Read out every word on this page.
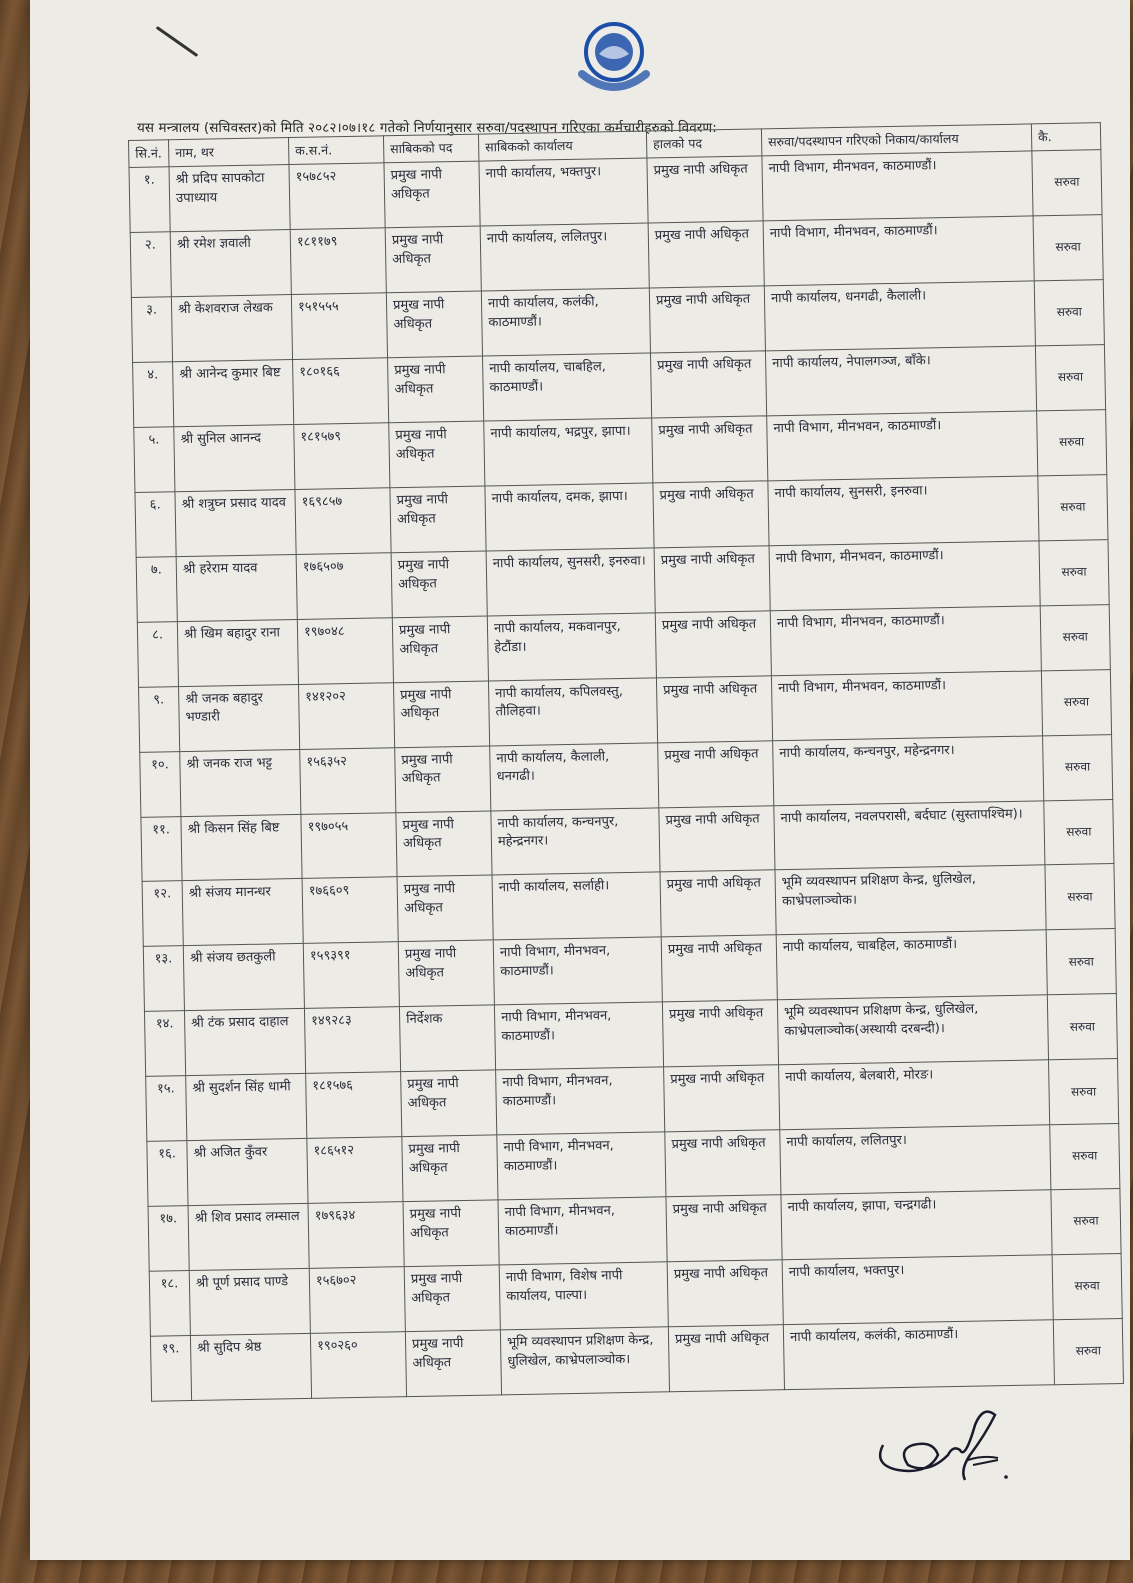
यस मन्त्रालय (सचिवस्तर)को मिति २०८२।०७।१८ गतेको निर्णयानुसार सरुवा/पदस्थापन गरिएका कर्मचारीहरुको विवरण:
सि.नं.	नाम, थर	क.स.नं.	साबिकको पद	साबिकको कार्यालय	हालको पद	सरुवा/पदस्थापन गरिएको निकाय/कार्यालय	कै.
१.	श्री प्रदिप सापकोटा उपाध्याय	१५७८५२	प्रमुख नापी अधिकृत	नापी कार्यालय, भक्तपुर।	प्रमुख नापी अधिकृत	नापी विभाग, मीनभवन, काठमाण्डौं।	सरुवा
२.	श्री रमेश ज्ञवाली	१८११७९	प्रमुख नापी अधिकृत	नापी कार्यालय, ललितपुर।	प्रमुख नापी अधिकृत	नापी विभाग, मीनभवन, काठमाण्डौं।	सरुवा
३.	श्री केशवराज लेखक	१५१५५५	प्रमुख नापी अधिकृत	नापी कार्यालय, कलंकी, काठमाण्डौं।	प्रमुख नापी अधिकृत	नापी कार्यालय, धनगढी, कैलाली।	सरुवा
४.	श्री आनेन्द कुमार बिष्ट	१८०१६६	प्रमुख नापी अधिकृत	नापी कार्यालय, चाबहिल, काठमाण्डौं।	प्रमुख नापी अधिकृत	नापी कार्यालय, नेपालगञ्ज, बाँके।	सरुवा
५.	श्री सुनिल आनन्द	१८१५७९	प्रमुख नापी अधिकृत	नापी कार्यालय, भद्रपुर, झापा।	प्रमुख नापी अधिकृत	नापी विभाग, मीनभवन, काठमाण्डौं।	सरुवा
६.	श्री शत्रुघ्न प्रसाद यादव	१६९८५७	प्रमुख नापी अधिकृत	नापी कार्यालय, दमक, झापा।	प्रमुख नापी अधिकृत	नापी कार्यालय, सुनसरी, इनरुवा।	सरुवा
७.	श्री हरेराम यादव	१७६५०७	प्रमुख नापी अधिकृत	नापी कार्यालय, सुनसरी, इनरुवा।	प्रमुख नापी अधिकृत	नापी विभाग, मीनभवन, काठमाण्डौं।	सरुवा
८.	श्री खिम बहादुर राना	१९७०४८	प्रमुख नापी अधिकृत	नापी कार्यालय, मकवानपुर, हेटौंडा।	प्रमुख नापी अधिकृत	नापी विभाग, मीनभवन, काठमाण्डौं।	सरुवा
९.	श्री जनक बहादुर भण्डारी	१४१२०२	प्रमुख नापी अधिकृत	नापी कार्यालय, कपिलवस्तु, तौलिहवा।	प्रमुख नापी अधिकृत	नापी विभाग, मीनभवन, काठमाण्डौं।	सरुवा
१०.	श्री जनक राज भट्ट	१५६३५२	प्रमुख नापी अधिकृत	नापी कार्यालय, कैलाली, धनगढी।	प्रमुख नापी अधिकृत	नापी कार्यालय, कन्चनपुर, महेन्द्रनगर।	सरुवा
११.	श्री किसन सिंह बिष्ट	१९७०५५	प्रमुख नापी अधिकृत	नापी कार्यालय, कन्चनपुर, महेन्द्रनगर।	प्रमुख नापी अधिकृत	नापी कार्यालय, नवलपरासी, बर्दघाट (सुस्तापश्चिम)।	सरुवा
१२.	श्री संजय मानन्धर	१७६६०९	प्रमुख नापी अधिकृत	नापी कार्यालय, सर्लाही।	प्रमुख नापी अधिकृत	भूमि व्यवस्थापन प्रशिक्षण केन्द्र, धुलिखेल, काभ्रेपलाञ्चोक।	सरुवा
१३.	श्री संजय छतकुली	१५९३९१	प्रमुख नापी अधिकृत	नापी विभाग, मीनभवन, काठमाण्डौं।	प्रमुख नापी अधिकृत	नापी कार्यालय, चाबहिल, काठमाण्डौं।	सरुवा
१४.	श्री टंक प्रसाद दाहाल	१४९२८३	निर्देशक	नापी विभाग, मीनभवन, काठमाण्डौं।	प्रमुख नापी अधिकृत	भूमि व्यवस्थापन प्रशिक्षण केन्द्र, धुलिखेल, काभ्रेपलाञ्चोक(अस्थायी दरबन्दी)।	सरुवा
१५.	श्री सुदर्शन सिंह धामी	१८१५७६	प्रमुख नापी अधिकृत	नापी विभाग, मीनभवन, काठमाण्डौं।	प्रमुख नापी अधिकृत	नापी कार्यालय, बेलबारी, मोरङ।	सरुवा
१६.	श्री अजित कुँवर	१८६५१२	प्रमुख नापी अधिकृत	नापी विभाग, मीनभवन, काठमाण्डौं।	प्रमुख नापी अधिकृत	नापी कार्यालय, ललितपुर।	सरुवा
१७.	श्री शिव प्रसाद लम्साल	१७९६३४	प्रमुख नापी अधिकृत	नापी विभाग, मीनभवन, काठमाण्डौं।	प्रमुख नापी अधिकृत	नापी कार्यालय, झापा, चन्द्रगढी।	सरुवा
१८.	श्री पूर्ण प्रसाद पाण्डे	१५६७०२	प्रमुख नापी अधिकृत	नापी विभाग, विशेष नापी कार्यालय, पाल्पा।	प्रमुख नापी अधिकृत	नापी कार्यालय, भक्तपुर।	सरुवा
१९.	श्री सुदिप श्रेष्ठ	१९०२६०	प्रमुख नापी अधिकृत	भूमि व्यवस्थापन प्रशिक्षण केन्द्र, धुलिखेल, काभ्रेपलाञ्चोक।	प्रमुख नापी अधिकृत	नापी कार्यालय, कलंकी, काठमाण्डौं।	सरुवा
